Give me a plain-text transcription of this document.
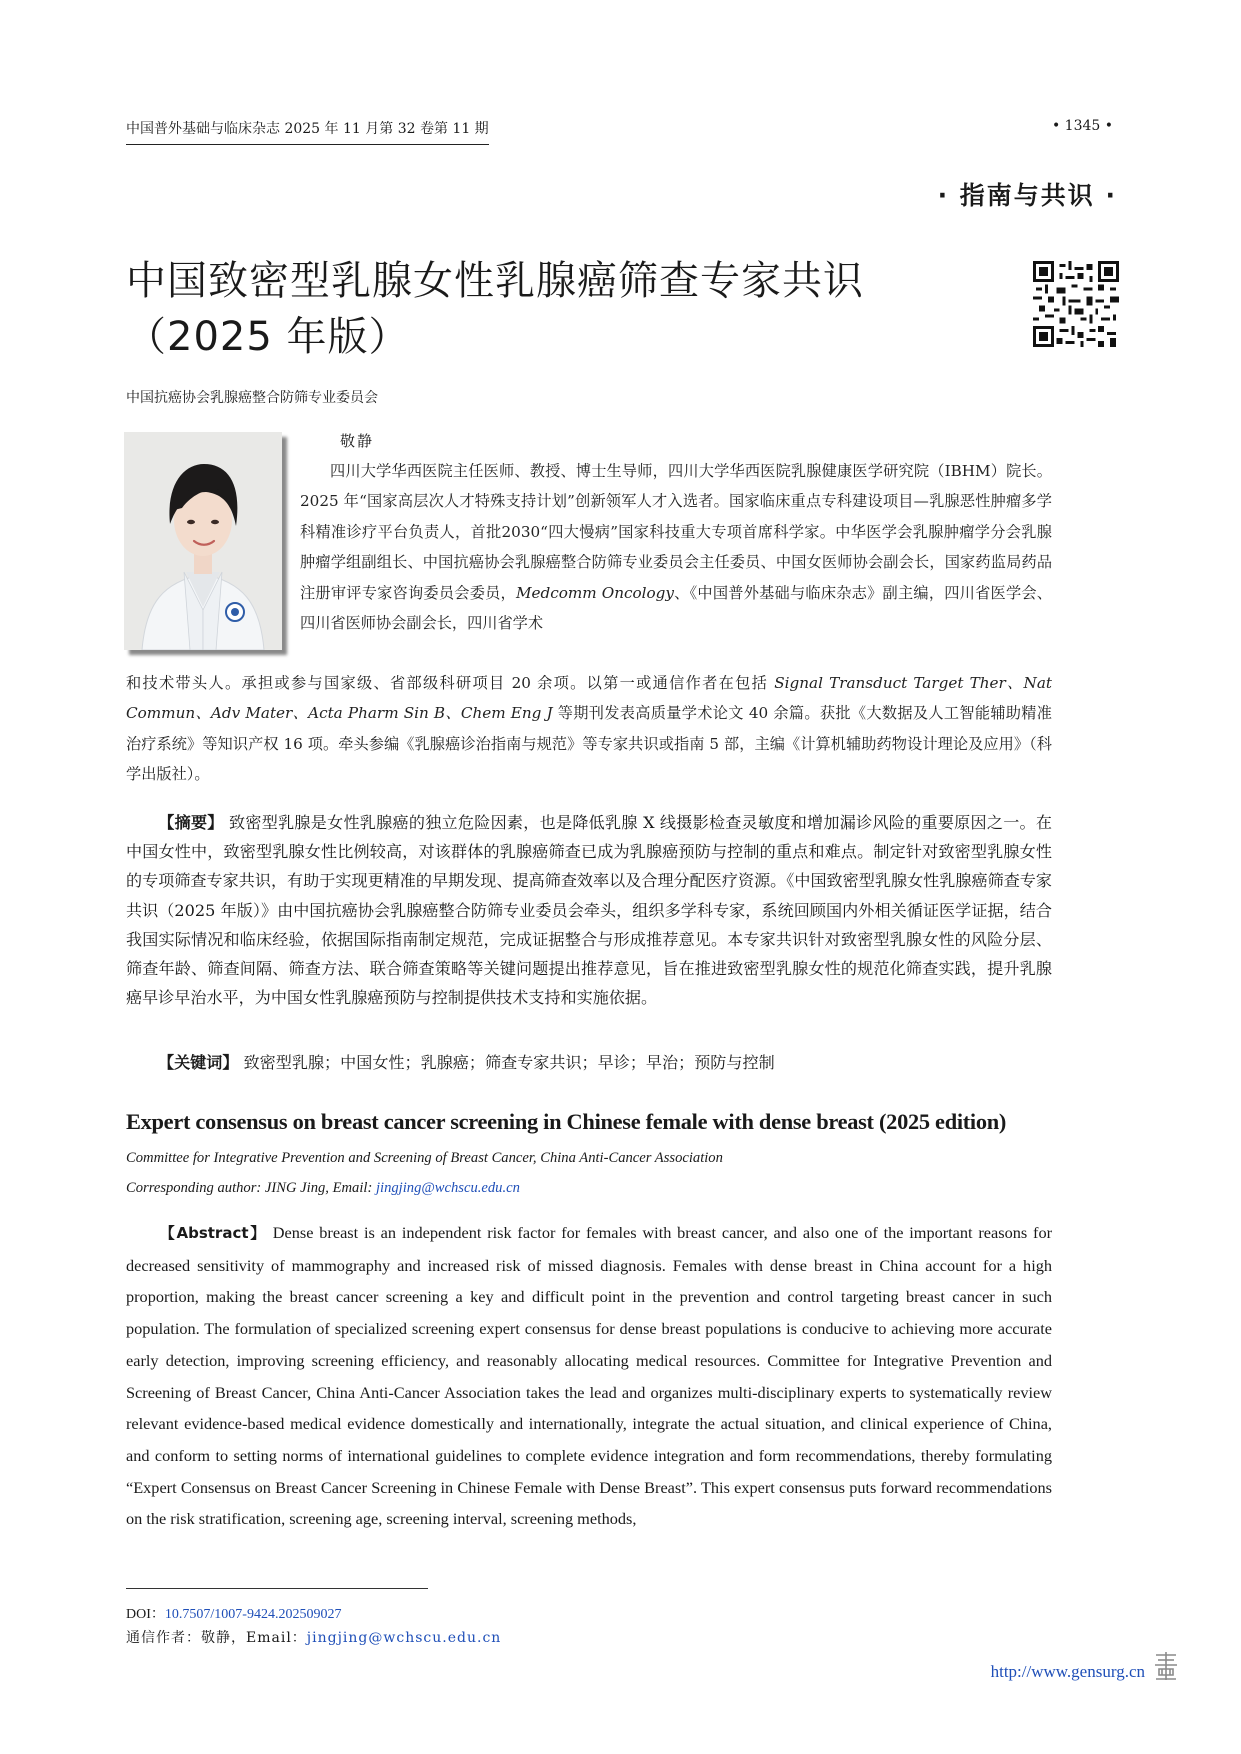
中国普外基础与临床杂志 2025 年 11 月第 32 卷第 11 期	• 1345 •
· 指南与共识 ·
中国致密型乳腺女性乳腺癌筛查专家共识
（2025 年版）
中国抗癌协会乳腺癌整合防筛专业委员会
敬静
四川大学华西医院主任医师、教授、博士生导师，四川大学华西医院乳腺健康医学研究院（IBHM）院长。2025 年“国家高层次人才特殊支持计划”创新领军人才入选者。国家临床重点专科建设项目—乳腺恶性肿瘤多学科精准诊疗平台负责人，首批2030“四大慢病”国家科技重大专项首席科学家。中华医学会乳腺肿瘤学分会乳腺肿瘤学组副组长、中国抗癌协会乳腺癌整合防筛专业委员会主任委员、中国女医师协会副会长，国家药监局药品注册审评专家咨询委员会委员，Medcomm Oncology、《中国普外基础与临床杂志》副主编，四川省医学会、四川省医师协会副会长，四川省学术
和技术带头人。承担或参与国家级、省部级科研项目 20 余项。以第一或通信作者在包括 Signal Transduct Target Ther、Nat Commun、Adv Mater、Acta Pharm Sin B、Chem Eng J 等期刊发表高质量学术论文 40 余篇。获批《大数据及人工智能辅助精准治疗系统》等知识产权 16 项。牵头参编《乳腺癌诊治指南与规范》等专家共识或指南 5 部，主编《计算机辅助药物设计理论及应用》（科学出版社）。
【摘要】 致密型乳腺是女性乳腺癌的独立危险因素，也是降低乳腺 X 线摄影检查灵敏度和增加漏诊风险的重要原因之一。在中国女性中，致密型乳腺女性比例较高，对该群体的乳腺癌筛查已成为乳腺癌预防与控制的重点和难点。制定针对致密型乳腺女性的专项筛查专家共识，有助于实现更精准的早期发现、提高筛查效率以及合理分配医疗资源。《中国致密型乳腺女性乳腺癌筛查专家共识（2025 年版）》由中国抗癌协会乳腺癌整合防筛专业委员会牵头，组织多学科专家，系统回顾国内外相关循证医学证据，结合我国实际情况和临床经验，依据国际指南制定规范，完成证据整合与形成推荐意见。本专家共识针对致密型乳腺女性的风险分层、筛查年龄、筛查间隔、筛查方法、联合筛查策略等关键问题提出推荐意见，旨在推进致密型乳腺女性的规范化筛查实践，提升乳腺癌早诊早治水平，为中国女性乳腺癌预防与控制提供技术支持和实施依据。
【关键词】 致密型乳腺；中国女性；乳腺癌；筛查专家共识；早诊；早治；预防与控制
Expert consensus on breast cancer screening in Chinese female with dense breast (2025 edition)
Committee for Integrative Prevention and Screening of Breast Cancer, China Anti-Cancer Association
Corresponding author: JING Jing, Email: jingjing@wchscu.edu.cn
【Abstract】 Dense breast is an independent risk factor for females with breast cancer, and also one of the important reasons for decreased sensitivity of mammography and increased risk of missed diagnosis. Females with dense breast in China account for a high proportion, making the breast cancer screening a key and difficult point in the prevention and control targeting breast cancer in such population. The formulation of specialized screening expert consensus for dense breast populations is conducive to achieving more accurate early detection, improving screening efficiency, and reasonably allocating medical resources. Committee for Integrative Prevention and Screening of Breast Cancer, China Anti-Cancer Association takes the lead and organizes multi-disciplinary experts to systematically review relevant evidence-based medical evidence domestically and internationally, integrate the actual situation, and clinical experience of China, and conform to setting norms of international guidelines to complete evidence integration and form recommendations, thereby formulating “Expert Consensus on Breast Cancer Screening in Chinese Female with Dense Breast”. This expert consensus puts forward recommendations on the risk stratification, screening age, screening interval, screening methods,
DOI：10.7507/1007-9424.202509027
通信作者：敬静，Email：jingjing@wchscu.edu.cn
http://www.gensurg.cn
